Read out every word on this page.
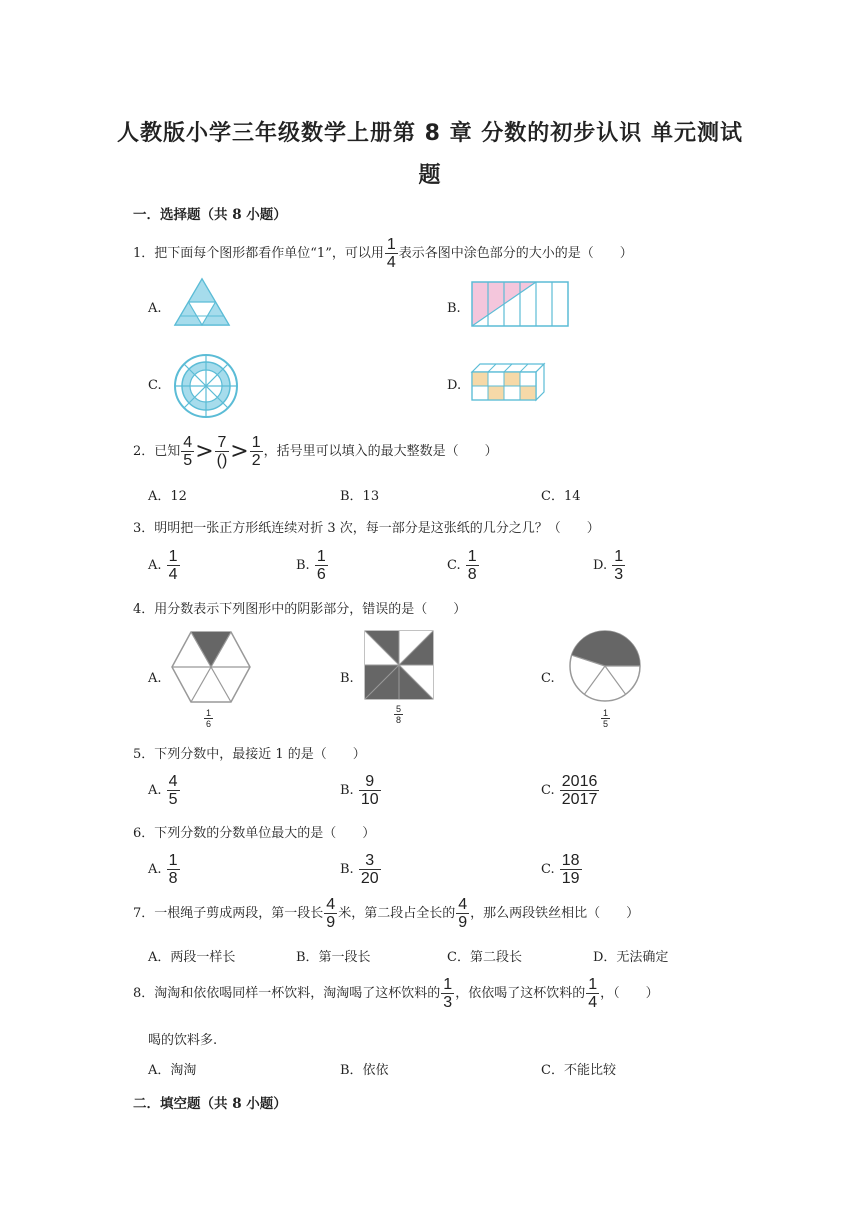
人教版小学三年级数学上册第 8 章 分数的初步认识 单元测试
题
一．选择题（共 8 小题）
1．把下面每个图形都看作单位“1”，可以用 $\frac{1}{4}$ 表示各图中涂色部分的大小的是（　　）
A.	B.
C.	D.
2．已知 $\frac{4}{5} > \frac{7}{()} > \frac{1}{2}$ ，括号里可以填入的最大整数是（　　）
A．12	B．13	C．14
3．明明把一张正方形纸连续对折 3 次，每一部分是这张纸的几分之几？（　　）
A. $\frac{1}{4}$	B. $\frac{1}{6}$	C. $\frac{1}{8}$	D. $\frac{1}{3}$
4．用分数表示下列图形中的阴影部分，错误的是（　　）
A.	B.	C.
$\frac{1}{6}$	$\frac{5}{8}$	$\frac{1}{5}$
5．下列分数中，最接近 1 的是（　　）
A. $\frac{4}{5}$	B. $\frac{9}{10}$	C. $\frac{2016}{2017}$
6．下列分数的分数单位最大的是（　　）
A. $\frac{1}{8}$	B. $\frac{3}{20}$	C. $\frac{18}{19}$
7．一根绳子剪成两段，第一段长 $\frac{4}{9}$ 米，第二段占全长的 $\frac{4}{9}$ ，那么两段铁丝相比（　　）
A．两段一样长	B．第一段长	C．第二段长	D．无法确定
8．淘淘和依依喝同样一杯饮料，淘淘喝了这杯饮料的 $\frac{1}{3}$ ，依依喝了这杯饮料的 $\frac{1}{4}$ ，（　　）
喝的饮料多.
A．淘淘	B．依依	C．不能比较
二．填空题（共 8 小题）
